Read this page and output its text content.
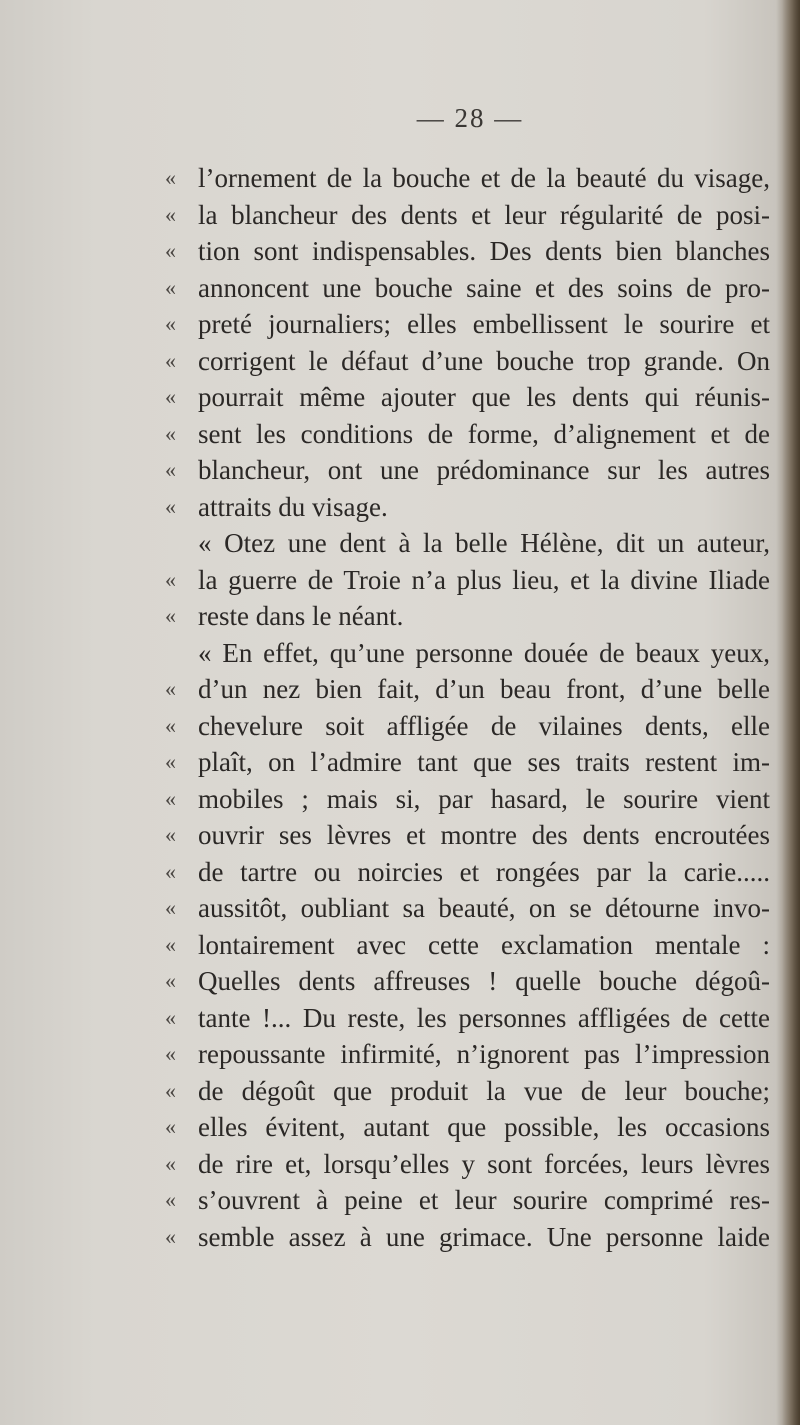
— 28 —
« l’ornement de la bouche et de la beauté du visage,
« la blancheur des dents et leur régularité de posi-
« tion sont indispensables. Des dents bien blanches
« annoncent une bouche saine et des soins de pro-
« preté journaliers; elles embellissent le sourire et
« corrigent le défaut d’une bouche trop grande. On
« pourrait même ajouter que les dents qui réunis-
« sent les conditions de forme, d’alignement et de
« blancheur, ont une prédominance sur les autres
« attraits du visage.
« Otez une dent à la belle Hélène, dit un auteur,
« la guerre de Troie n’a plus lieu, et la divine Iliade
« reste dans le néant.
« En effet, qu’une personne douée de beaux yeux,
« d’un nez bien fait, d’un beau front, d’une belle
« chevelure soit affligée de vilaines dents, elle
« plaît, on l’admire tant que ses traits restent im-
« mobiles ; mais si, par hasard, le sourire vient
« ouvrir ses lèvres et montre des dents encroutées
« de tartre ou noircies et rongées par la carie.....
« aussitôt, oubliant sa beauté, on se détourne invo-
« lontairement avec cette exclamation mentale :
« Quelles dents affreuses ! quelle bouche dégoû-
« tante !... Du reste, les personnes affligées de cette
« repoussante infirmité, n’ignorent pas l’impression
« de dégoût que produit la vue de leur bouche;
« elles évitent, autant que possible, les occasions
« de rire et, lorsqu’elles y sont forcées, leurs lèvres
« s’ouvrent à peine et leur sourire comprimé res-
« semble assez à une grimace. Une personne laide
